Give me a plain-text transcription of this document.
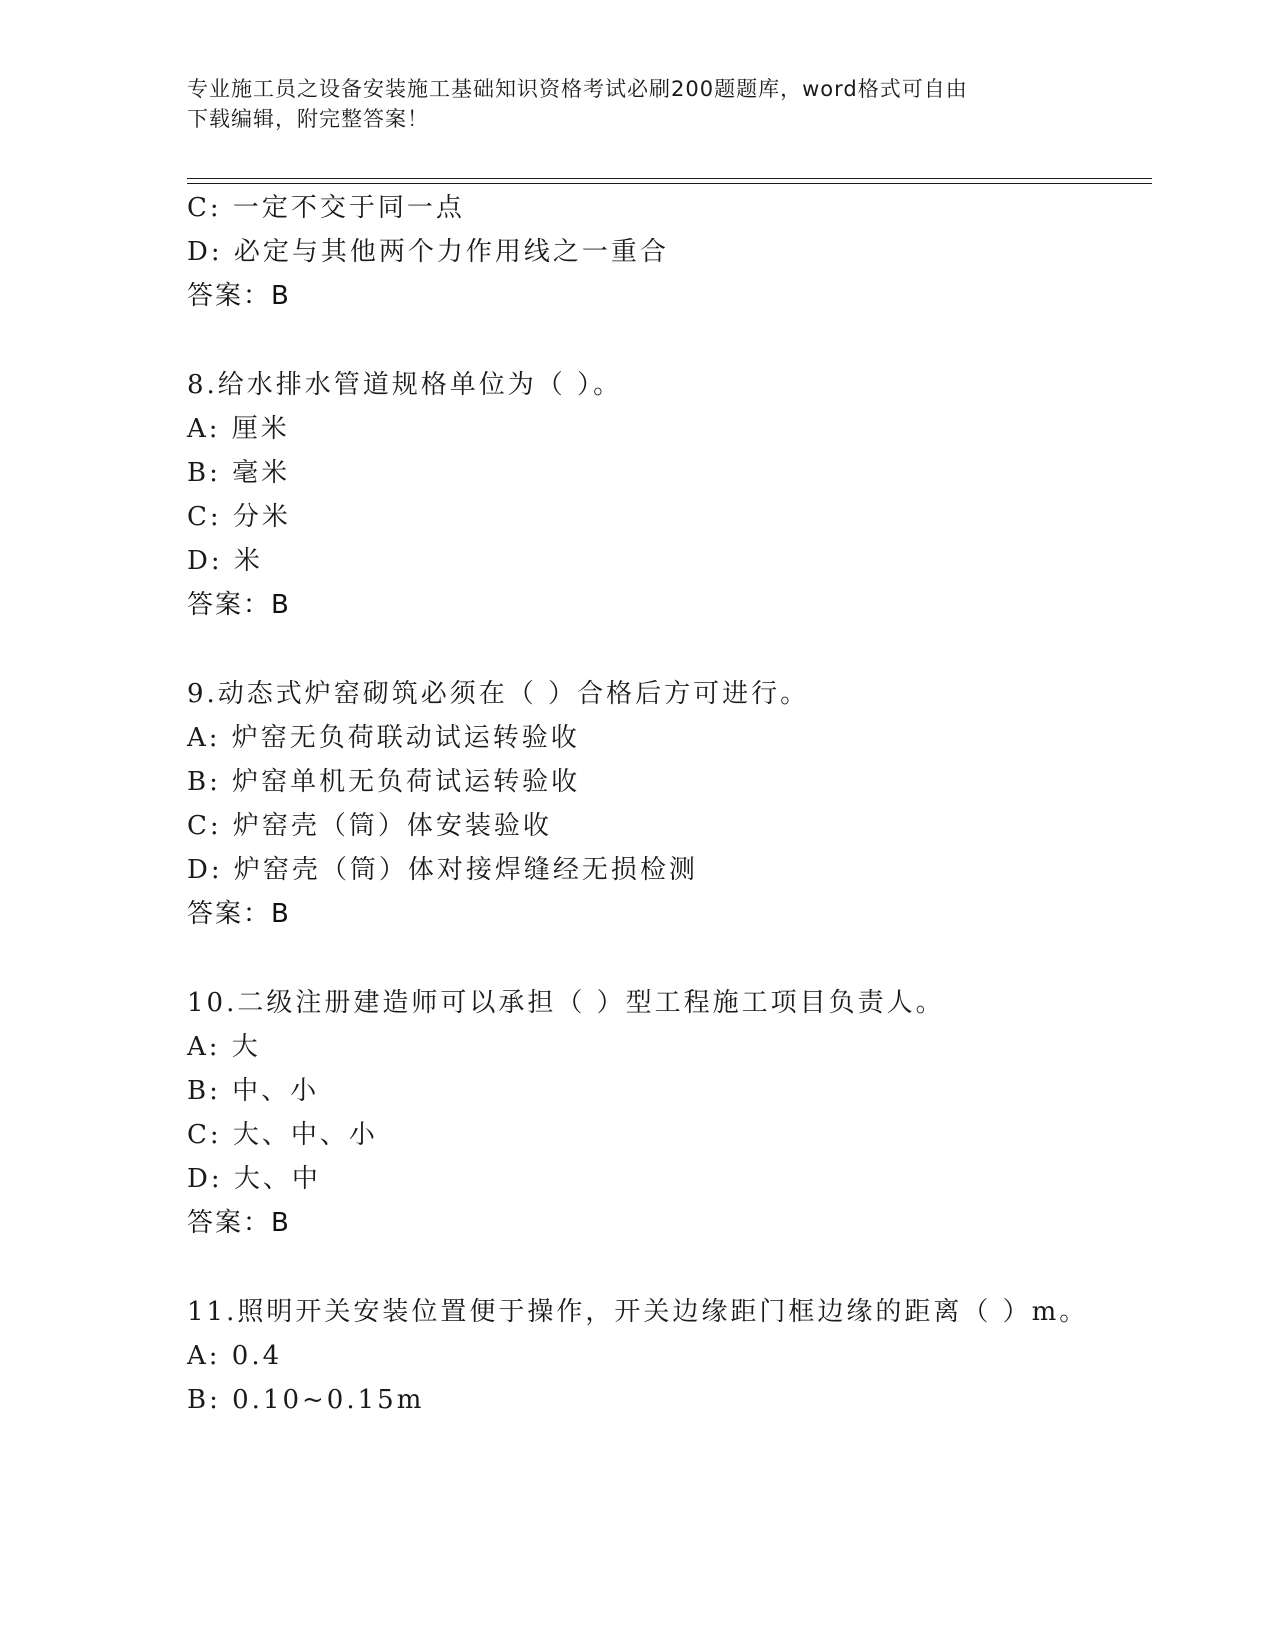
专业施工员之设备安装施工基础知识资格考试必刷200题题库，word格式可自由
下载编辑，附完整答案！
C: 一定不交于同一点
D: 必定与其他两个力作用线之一重合
答案：B
8.给水排水管道规格单位为（ ）。
A: 厘米
B: 毫米
C: 分米
D: 米
答案：B
9.动态式炉窑砌筑必须在（ ）合格后方可进行。
A: 炉窑无负荷联动试运转验收
B: 炉窑单机无负荷试运转验收
C: 炉窑壳（筒）体安装验收
D: 炉窑壳（筒）体对接焊缝经无损检测
答案：B
10.二级注册建造师可以承担（ ）型工程施工项目负责人。
A: 大
B: 中、小
C: 大、中、小
D: 大、中
答案：B
11.照明开关安装位置便于操作，开关边缘距门框边缘的距离（ ）m。
A: 0.4
B: 0.10~0.15m
